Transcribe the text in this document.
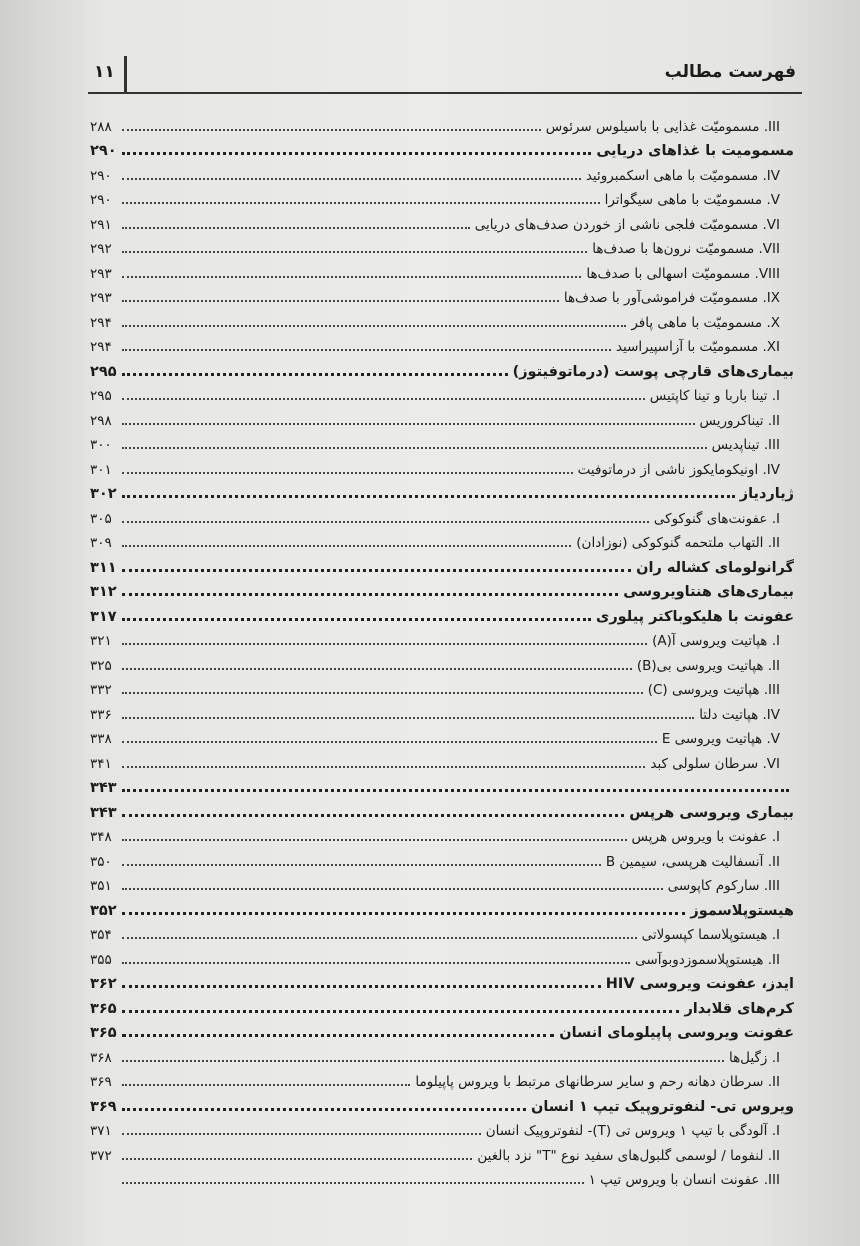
فهرست مطالب
۱۱
III. مسمومیّت غذایی با باسیلوس سرئوس
۲۸۸
مسمومیت با غذاهای دریایی
۲۹۰
IV. مسمومیّت با ماهی اسکمبروئید
۲۹۰
V. مسمومیّت با ماهی سیگواترا
۲۹۰
VI. مسمومیّت فلجی ناشی از خوردن صدف‌های دریایی
۲۹۱
VII. مسمومیّت نرون‌ها با صدف‌ها
۲۹۲
VIII. مسمومیّت اسهالی با صدف‌ها
۲۹۳
IX. مسمومیّت فراموشی‌آور با صدف‌ها
۲۹۳
X. مسمومیّت با ماهی پافر
۲۹۴
XI. مسمومیّت با آزاسپیراسید
۲۹۴
بیماری‌های قارچی پوست (درماتوفیتوز)
۲۹۵
I. تینا باربا و تینا کاپتیس
۲۹۵
II. تیناکروریس
۲۹۸
III. تیناپدیس
۳۰۰
IV. اونیکومایکوز ناشی از درماتوفیت
۳۰۱
ژیاردیاز
۳۰۲
I. عفونت‌های گنوکوکی
۳۰۵
II. التهاب ملتحمه گنوکوکی (نوزادان)
۳۰۹
گرانولومای کشاله ران
۳۱۱
بیماری‌های هنتاویروسی
۳۱۲
عفونت با هلیکوباکتر پیلوری
۳۱۷
I. هپاتیت ویروسی آ(A)
۳۲۱
II. هپاتیت ویروسی بی(B)
۳۲۵
III. هپاتیت ویروسی (C)
۳۳۲
IV. هپاتیت دلتا
۳۳۶
V. هپاتیت ویروسی E
۳۳۸
VI. سرطان سلولی کبد
۳۴۱
۳۴۳
بیماری ویروسی هرپس
۳۴۳
I. عفونت با ویروس هرپس
۳۴۸
II. آنسفالیت هرپسی، سیمین B
۳۵۰
III. سارکوم کاپوسی
۳۵۱
هیستوپلاسموز
۳۵۲
I. هیستوپلاسما کپسولاتی
۳۵۴
II. هیستوپلاسموزدوبوآسی
۳۵۵
ایدز، عفونت ویروسی HIV
۳۶۲
کرم‌های قلابدار
۳۶۵
عفونت ویروسی پاپیلومای انسان
۳۶۵
I. زگیل‌ها
۳۶۸
II. سرطان دهانه رحم و سایر سرطانهای مرتبط با ویروس پاپیلوما
۳۶۹
ویروس تی- لنفوتروپیک تیپ ۱ انسان
۳۶۹
I. آلودگی با تیپ ۱ ویروس تی (T)- لنفوتروپیک انسان
۳۷۱
II. لنفوما / لوسمی گلبول‌های سفید نوع "T" نزد بالغین
۳۷۲
III. عفونت انسان با ویروس تیپ ۱
